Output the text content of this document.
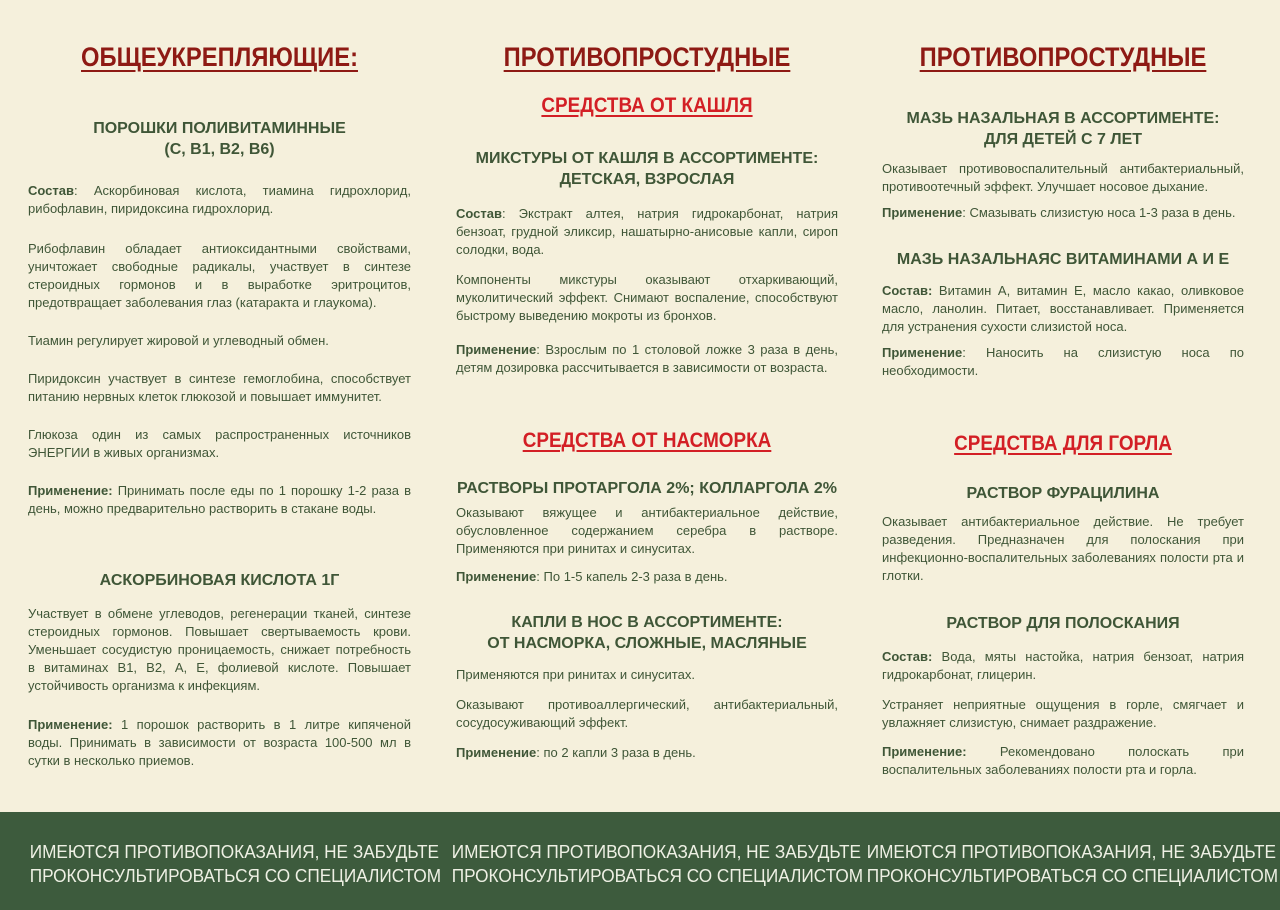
ОБЩЕУКРЕПЛЯЮЩИЕ:

ПОРОШКИ ПОЛИВИТАМИННЫЕ
(С, В1, В2, В6)

Состав: Аскорбиновая кислота, тиамина гидрохлорид, рибофлавин, пиридоксина гидрохлорид.

Рибофлавин обладает антиоксидантными свойствами, уничтожает свободные радикалы, участвует в синтезе стероидных гормонов и в выработке эритроцитов, предотвращает заболевания глаз (катаракта и глаукома).

Тиамин регулирует жировой и углеводный обмен.

Пиридоксин участвует в синтезе гемоглобина, способствует питанию нервных клеток глюкозой и повышает иммунитет.

Глюкоза один из самых распространенных источников ЭНЕРГИИ в живых организмах.

Применение: Принимать после еды по 1 порошку 1-2 раза в день, можно предварительно растворить в стакане воды.

АСКОРБИНОВАЯ КИСЛОТА 1Г

Участвует в обмене углеводов, регенерации тканей, синтезе стероидных гормонов. Повышает свертываемость крови. Уменьшает сосудистую проницаемость, снижает потребность в витаминах В1, В2, А, Е, фолиевой кислоте. Повышает устойчивость организма к инфекциям.

Применение: 1 порошок растворить в 1 литре кипяченой воды. Принимать в зависимости от возраста 100-500 мл в сутки в несколько приемов.

ПРОТИВОПРОСТУДНЫЕ
СРЕДСТВА ОТ КАШЛЯ

МИКСТУРЫ ОТ КАШЛЯ В АССОРТИМЕНТЕ:
ДЕТСКАЯ, ВЗРОСЛАЯ

Состав: Экстракт алтея, натрия гидрокарбонат, натрия бензоат, грудной эликсир, нашатырно-анисовые капли, сироп солодки, вода.

Компоненты микстуры оказывают отхаркивающий, муколитический эффект. Снимают воспаление, способствуют быстрому выведению мокроты из бронхов.

Применение: Взрослым по 1 столовой ложке 3 раза в день, детям дозировка рассчитывается в зависимости от возраста.

СРЕДСТВА ОТ НАСМОРКА

РАСТВОРЫ ПРОТАРГОЛА 2%; КОЛЛАРГОЛА 2%

Оказывают вяжущее и антибактериальное действие, обусловленное содержанием серебра в растворе. Применяются при ринитах и синуситах.

Применение: По 1-5 капель 2-3 раза в день.

КАПЛИ В НОС В АССОРТИМЕНТЕ:
ОТ НАСМОРКА, СЛОЖНЫЕ, МАСЛЯНЫЕ

Применяются при ринитах и синуситах.

Оказывают противоаллергический, антибактериальный, сосудосуживающий эффект.

Применение: по 2 капли 3 раза в день.

ПРОТИВОПРОСТУДНЫЕ

МАЗЬ НАЗАЛЬНАЯ В АССОРТИМЕНТЕ:
ДЛЯ ДЕТЕЙ С 7 ЛЕТ

Оказывает противовоспалительный антибактериальный, противоотечный эффект. Улучшает носовое дыхание.

Применение: Смазывать слизистую носа 1-3 раза в день.

МАЗЬ НАЗАЛЬНАЯС ВИТАМИНАМИ А И Е

Состав: Витамин А, витамин Е, масло какао, оливковое масло, ланолин. Питает, восстанавливает. Применяется для устранения сухости слизистой носа.

Применение: Наносить на слизистую носа по необходимости.

СРЕДСТВА ДЛЯ ГОРЛА

РАСТВОР ФУРАЦИЛИНА

Оказывает антибактериальное действие. Не требует разведения. Предназначен для полоскания при инфекционно-воспалительных заболеваниях полости рта и глотки.

РАСТВОР ДЛЯ ПОЛОСКАНИЯ

Состав: Вода, мяты настойка, натрия бензоат, натрия гидрокарбонат, глицерин.

Устраняет неприятные ощущения в горле, смягчает и увлажняет слизистую, снимает раздражение.

Применение: Рекомендовано полоскать при воспалительных заболеваниях полости рта и горла.

ИМЕЮТСЯ ПРОТИВОПОКАЗАНИЯ, НЕ ЗАБУДЬТЕ
ПРОКОНСУЛЬТИРОВАТЬСЯ СО СПЕЦИАЛИСТОМ
ИМЕЮТСЯ ПРОТИВОПОКАЗАНИЯ, НЕ ЗАБУДЬТЕ
ПРОКОНСУЛЬТИРОВАТЬСЯ СО СПЕЦИАЛИСТОМ
ИМЕЮТСЯ ПРОТИВОПОКАЗАНИЯ, НЕ ЗАБУДЬТЕ
ПРОКОНСУЛЬТИРОВАТЬСЯ СО СПЕЦИАЛИСТОМ
